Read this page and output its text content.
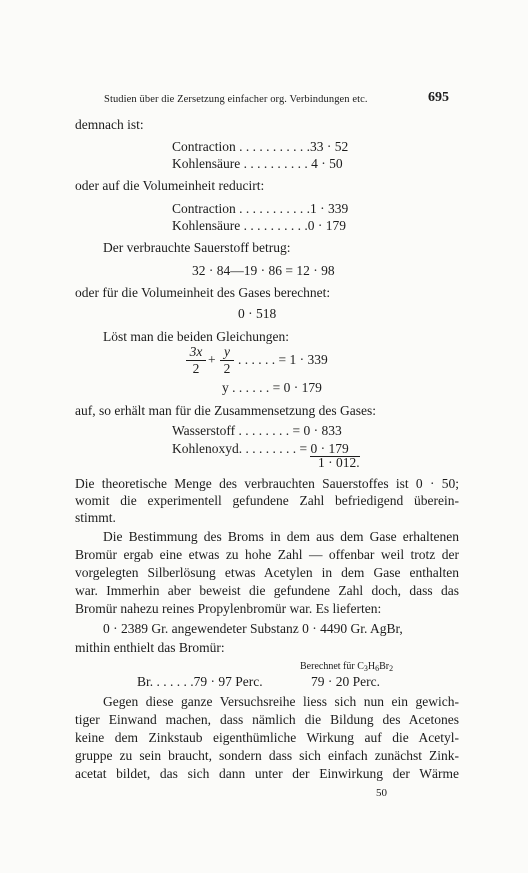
Studien über die Zersetzung einfacher org. Verbindungen etc.	695
demnach ist:
Contraction . . . . . . . . . . .33 · 52
Kohlensäure . . . . . . . . . . 4 · 50
oder auf die Volumeinheit reducirt:
Contraction . . . . . . . . . . .1 · 339
Kohlensäure . . . . . . . . . .0 · 179
Der verbrauchte Sauerstoff betrug:
32 · 84—19 · 86 = 12 · 98
oder für die Volumeinheit des Gases berechnet:
0 · 518
Löst man die beiden Gleichungen:
3x
2
+
y
2
. . . . . . = 1 · 339
y . . . . . . = 0 · 179
auf, so erhält man für die Zusammensetzung des Gases:
Wasserstoff . . . . . . . . = 0 · 833
Kohlenoxyd. . . . . . . . . = 0 · 179
1 · 012.
Die theoretische Menge des verbrauchten Sauerstoffes ist 0 · 50;
womit die experimentell gefundene Zahl befriedigend überein-
stimmt.
Die Bestimmung des Broms in dem aus dem Gase erhaltenen
Bromür ergab eine etwas zu hohe Zahl — offenbar weil trotz der
vorgelegten Silberlösung etwas Acetylen in dem Gase enthalten
war. Immerhin aber beweist die gefundene Zahl doch, dass das
Bromür nahezu reines Propylenbromür war. Es lieferten:
0 · 2389 Gr. angewendeter Substanz 0 · 4490 Gr. AgBr,
mithin enthielt das Bromür:
Berechnet für $C_3H_6Br_2$
Br. . . . . . .79 · 97 Perc.	79 · 20 Perc.
Gegen diese ganze Versuchsreihe liess sich nun ein gewich-
tiger Einwand machen, dass nämlich die Bildung des Acetones
keine dem Zinkstaub eigenthümliche Wirkung auf die Acetyl-
gruppe zu sein braucht, sondern dass sich einfach zunächst Zink-
acetat bildet, das sich dann unter der Einwirkung der Wärme
50
